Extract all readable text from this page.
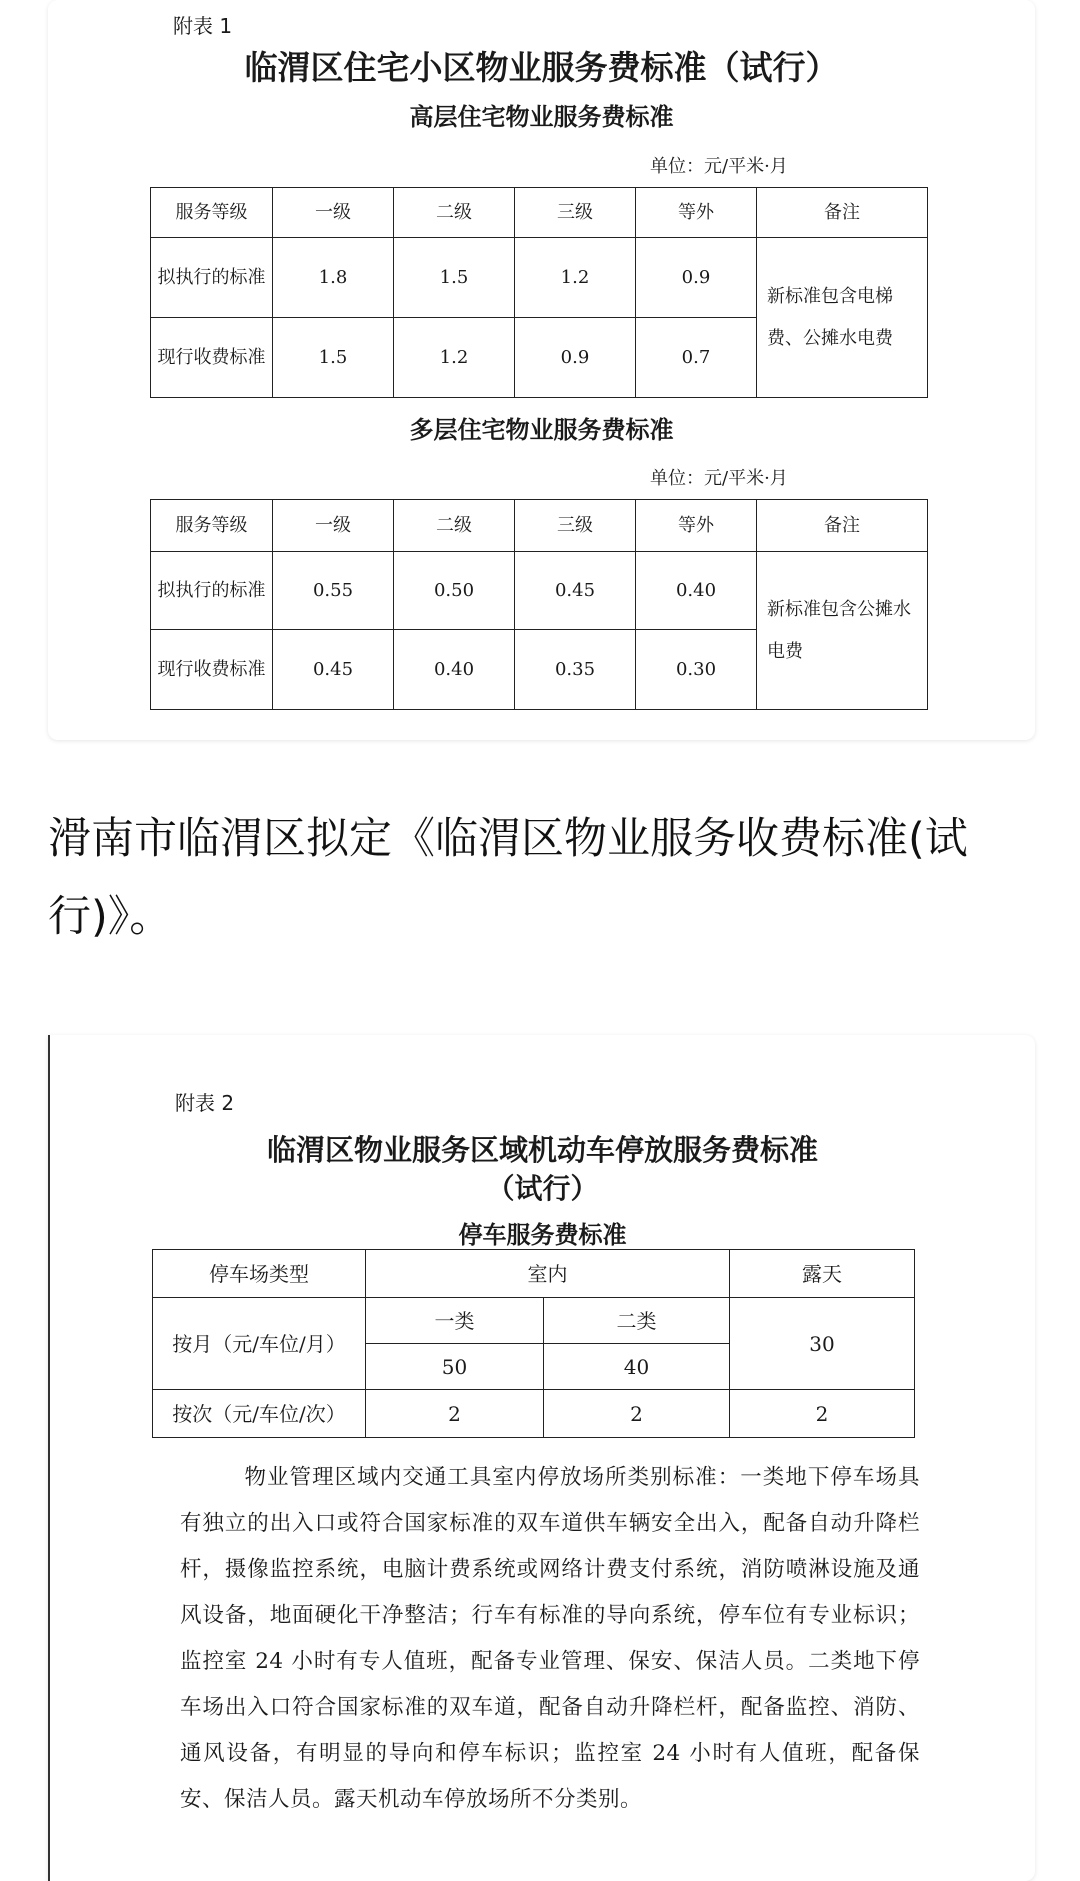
附表 1
临渭区住宅小区物业服务费标准（试行）
高层住宅物业服务费标准
单位：元/平米·月
服务等级	一级	二级	三级	等外	备注
拟执行的标准	1.8	1.5	1.2	0.9	新标准包含电梯费、公摊水电费
现行收费标准	1.5	1.2	0.9	0.7	
多层住宅物业服务费标准
单位：元/平米·月
服务等级	一级	二级	三级	等外	备注
拟执行的标准	0.55	0.50	0.45	0.40	新标准包含公摊水电费
现行收费标准	0.45	0.40	0.35	0.30	
滑南市临渭区拟定《临渭区物业服务收费标准(试行)》。
附表 2
临渭区物业服务区域机动车停放服务费标准
（试行）
停车服务费标准
停车场类型	室内		露天
按月（元/车位/月）	一类	二类	30
	50	40	
按次（元/车位/次）	2	2	2
物业管理区域内交通工具室内停放场所类别标准：一类地下停车场具有独立的出入口或符合国家标准的双车道供车辆安全出入，配备自动升降栏杆，摄像监控系统，电脑计费系统或网络计费支付系统，消防喷淋设施及通风设备，地面硬化干净整洁；行车有标准的导向系统，停车位有专业标识；监控室 24 小时有专人值班，配备专业管理、保安、保洁人员。二类地下停车场出入口符合国家标准的双车道，配备自动升降栏杆，配备监控、消防、通风设备，有明显的导向和停车标识；监控室 24 小时有人值班，配备保安、保洁人员。露天机动车停放场所不分类别。
